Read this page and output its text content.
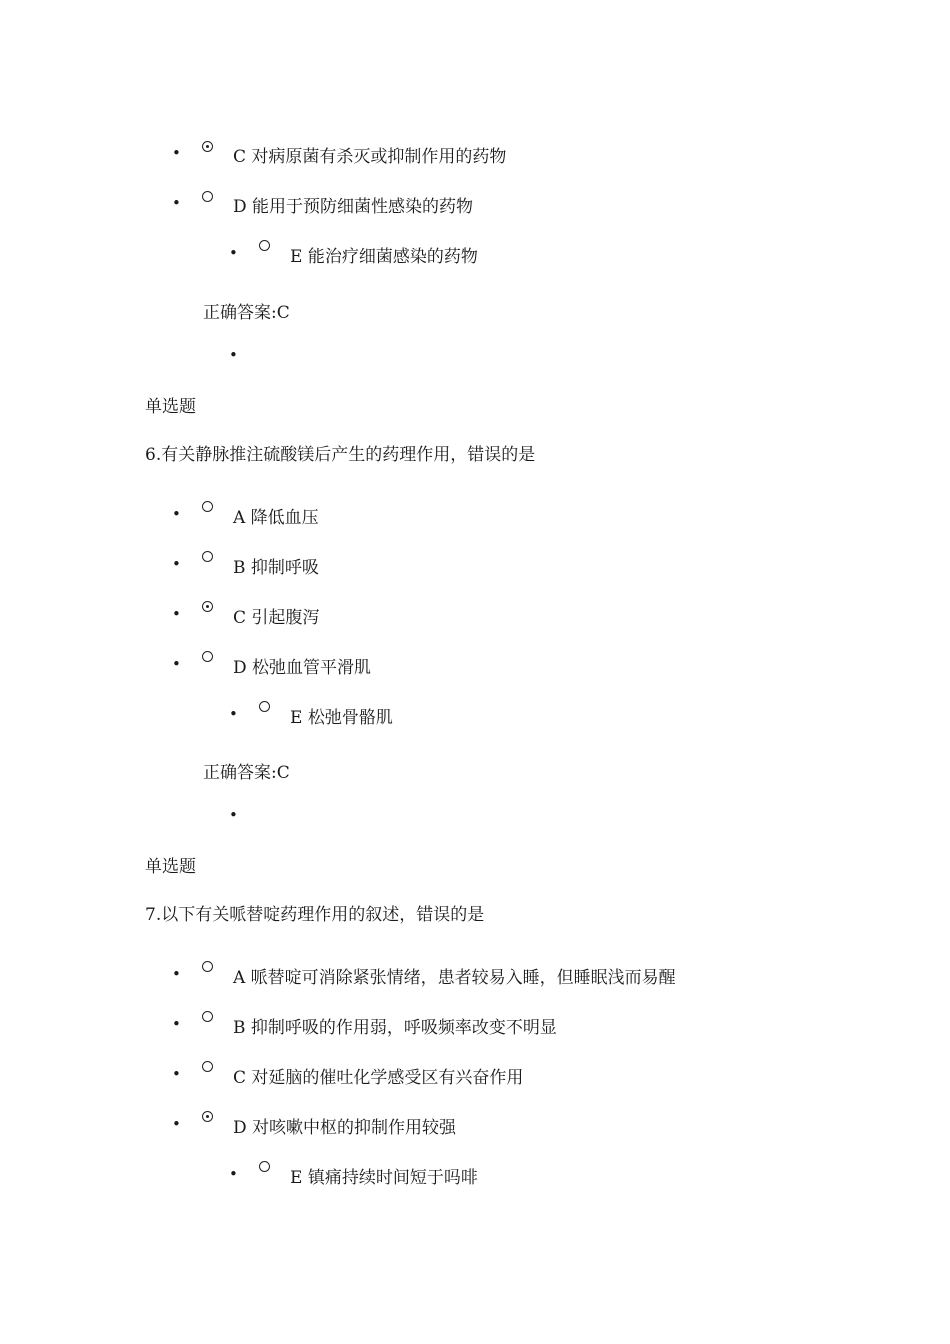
•	C 对病原菌有杀灭或抑制作用的药物
•	D 能用于预防细菌性感染的药物
•	E 能治疗细菌感染的药物
正确答案:C
•
单选题
6.有关静脉推注硫酸镁后产生的药理作用，错误的是
•	A 降低血压
•	B 抑制呼吸
•	C 引起腹泻
•	D 松弛血管平滑肌
•	E 松弛骨骼肌
正确答案:C
•
单选题
7.以下有关哌替啶药理作用的叙述，错误的是
•	A 哌替啶可消除紧张情绪，患者较易入睡，但睡眠浅而易醒
•	B 抑制呼吸的作用弱，呼吸频率改变不明显
•	C 对延脑的催吐化学感受区有兴奋作用
•	D 对咳嗽中枢的抑制作用较强
•	E 镇痛持续时间短于吗啡
